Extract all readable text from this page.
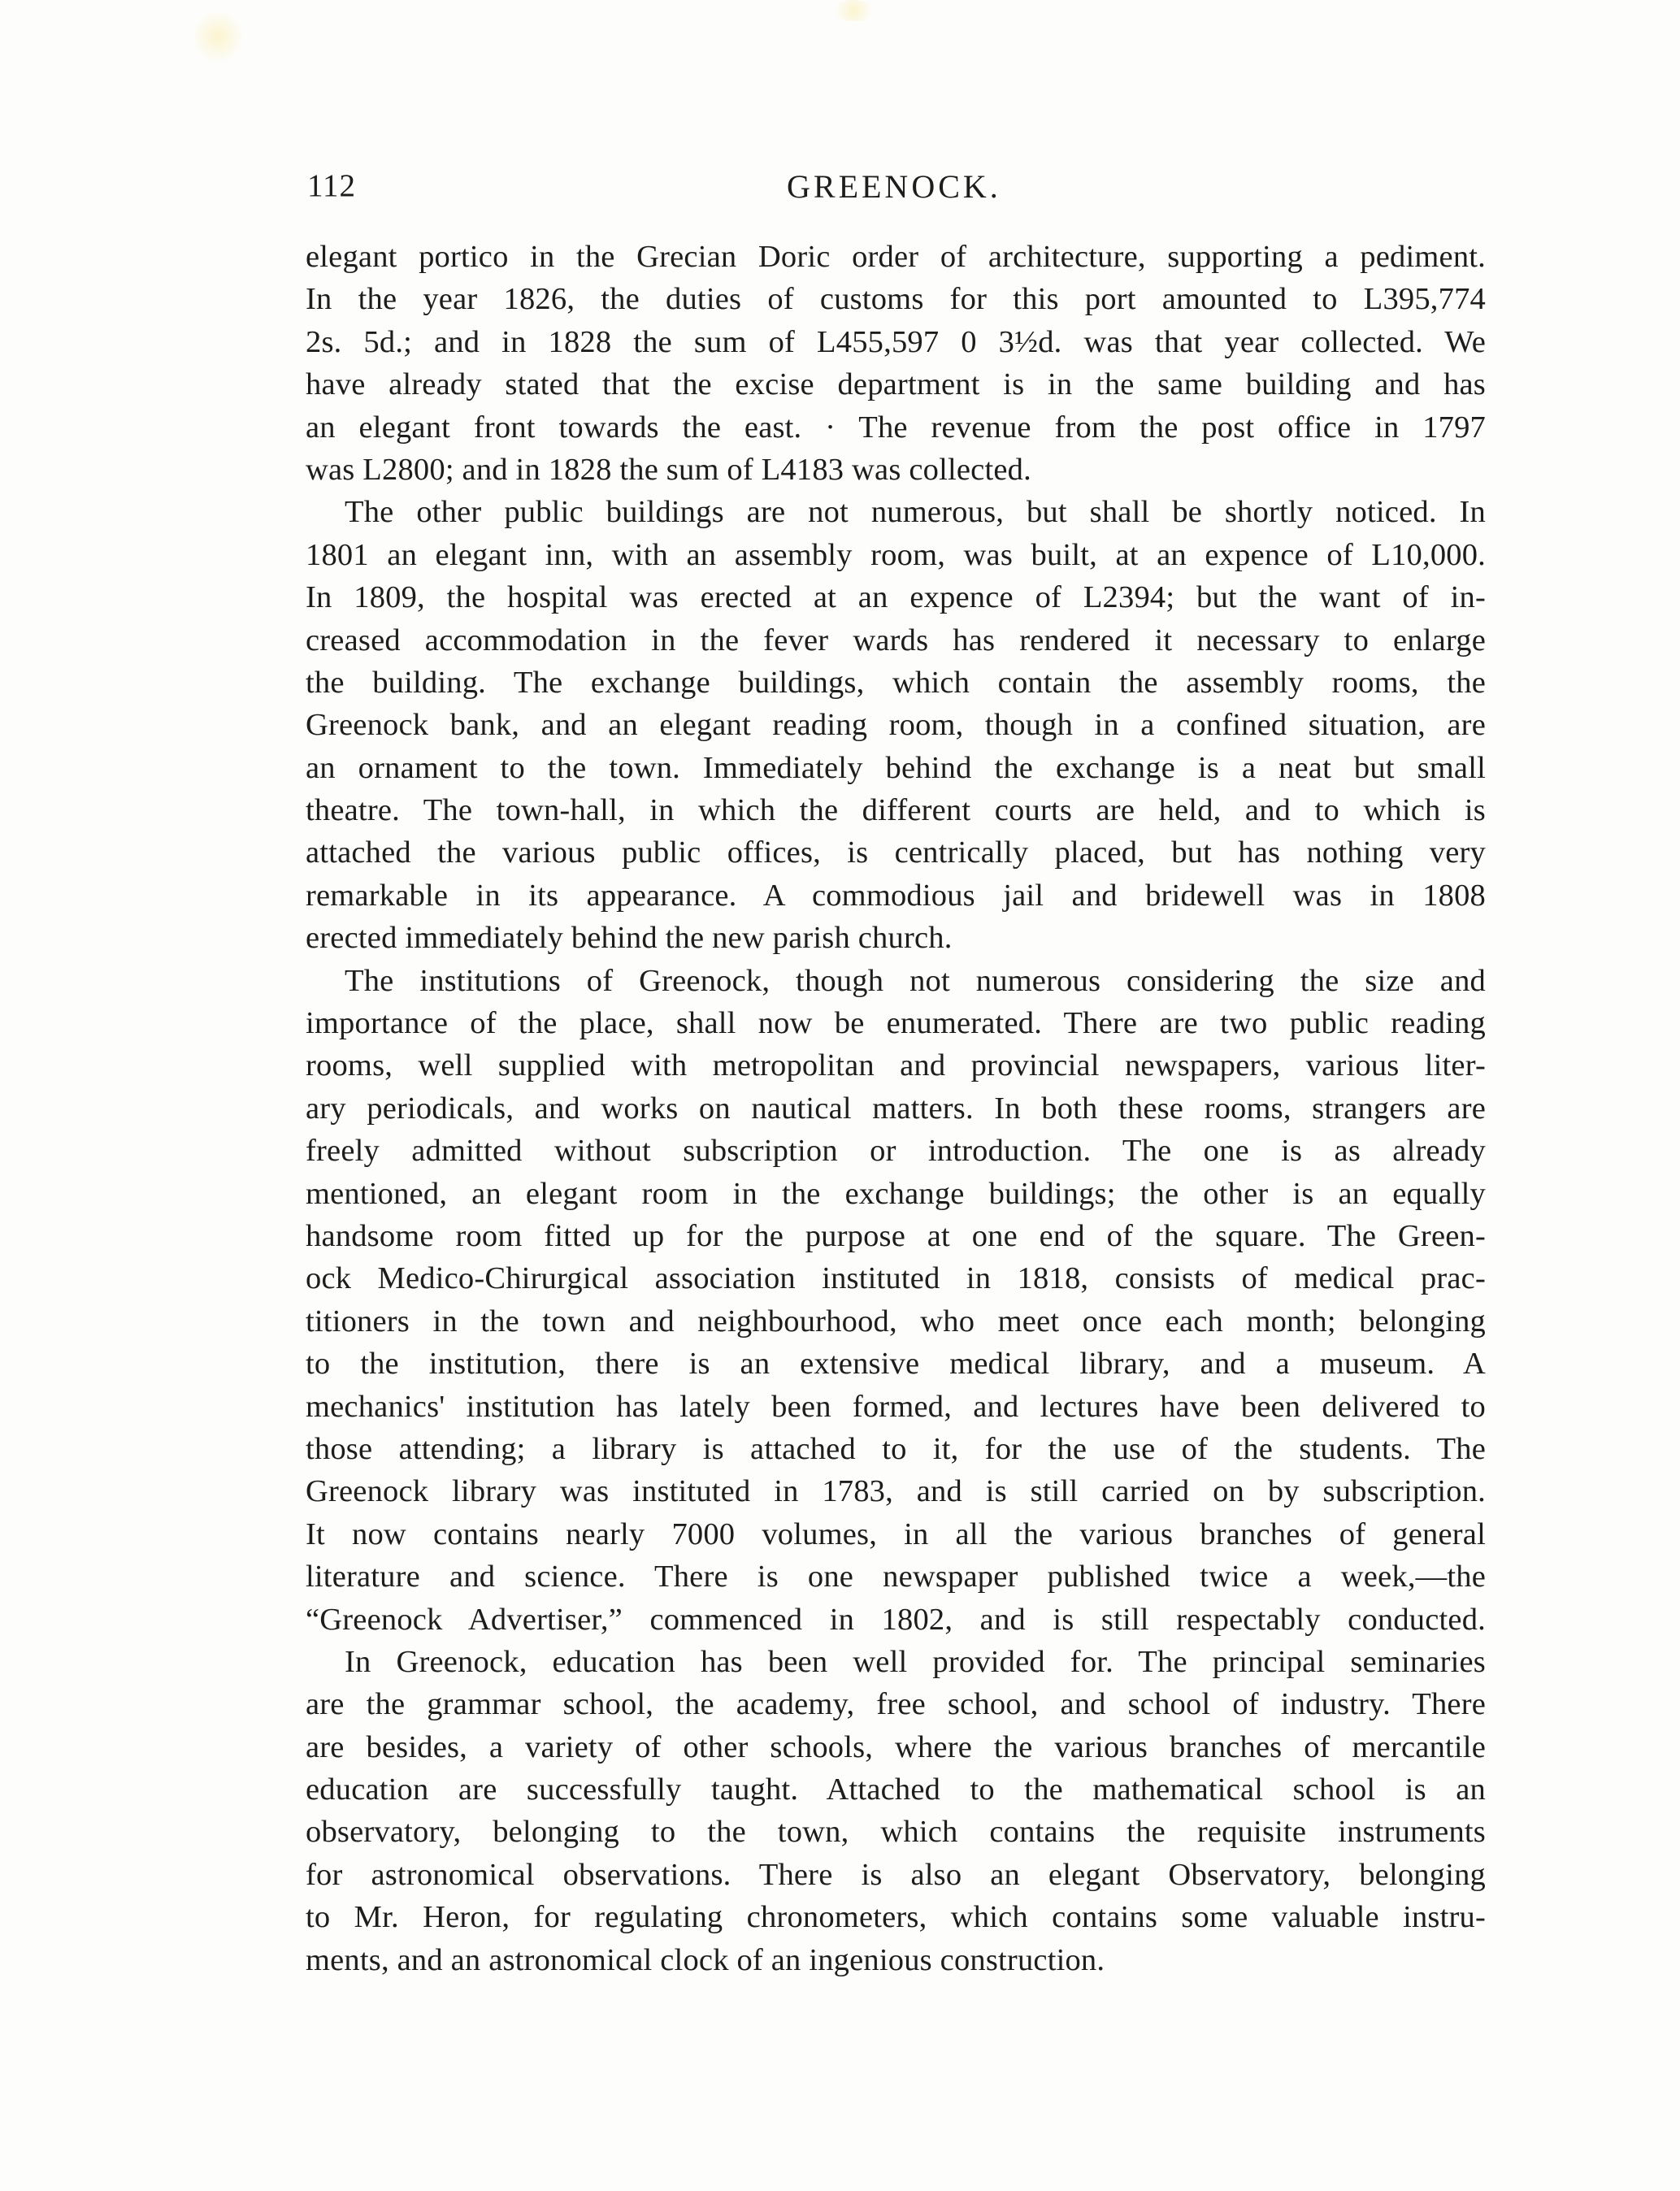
112	GREENOCK.
elegant portico in the Grecian Doric order of architecture, supporting a pediment.
In the year 1826, the duties of customs for this port amounted to L395,774
2s. 5d.; and in 1828 the sum of L455,597 0 3½d. was that year collected. We
have already stated that the excise department is in the same building and has
an elegant front towards the east. · The revenue from the post office in 1797
was L2800; and in 1828 the sum of L4183 was collected.
The other public buildings are not numerous, but shall be shortly noticed. In
1801 an elegant inn, with an assembly room, was built, at an expence of L10,000.
In 1809, the hospital was erected at an expence of L2394; but the want of in-
creased accommodation in the fever wards has rendered it necessary to enlarge
the building. The exchange buildings, which contain the assembly rooms, the
Greenock bank, and an elegant reading room, though in a confined situation, are
an ornament to the town. Immediately behind the exchange is a neat but small
theatre. The town-hall, in which the different courts are held, and to which is
attached the various public offices, is centrically placed, but has nothing very
remarkable in its appearance. A commodious jail and bridewell was in 1808
erected immediately behind the new parish church.
The institutions of Greenock, though not numerous considering the size and
importance of the place, shall now be enumerated. There are two public reading
rooms, well supplied with metropolitan and provincial newspapers, various liter-
ary periodicals, and works on nautical matters. In both these rooms, strangers are
freely admitted without subscription or introduction. The one is as already
mentioned, an elegant room in the exchange buildings; the other is an equally
handsome room fitted up for the purpose at one end of the square. The Green-
ock Medico-Chirurgical association instituted in 1818, consists of medical prac-
titioners in the town and neighbourhood, who meet once each month; belonging
to the institution, there is an extensive medical library, and a museum. A
mechanics' institution has lately been formed, and lectures have been delivered to
those attending; a library is attached to it, for the use of the students. The
Greenock library was instituted in 1783, and is still carried on by subscription.
It now contains nearly 7000 volumes, in all the various branches of general
literature and science. There is one newspaper published twice a week,—the
“Greenock Advertiser,” commenced in 1802, and is still respectably conducted.
In Greenock, education has been well provided for. The principal seminaries
are the grammar school, the academy, free school, and school of industry. There
are besides, a variety of other schools, where the various branches of mercantile
education are successfully taught. Attached to the mathematical school is an
observatory, belonging to the town, which contains the requisite instruments
for astronomical observations. There is also an elegant Observatory, belonging
to Mr. Heron, for regulating chronometers, which contains some valuable instru-
ments, and an astronomical clock of an ingenious construction.
